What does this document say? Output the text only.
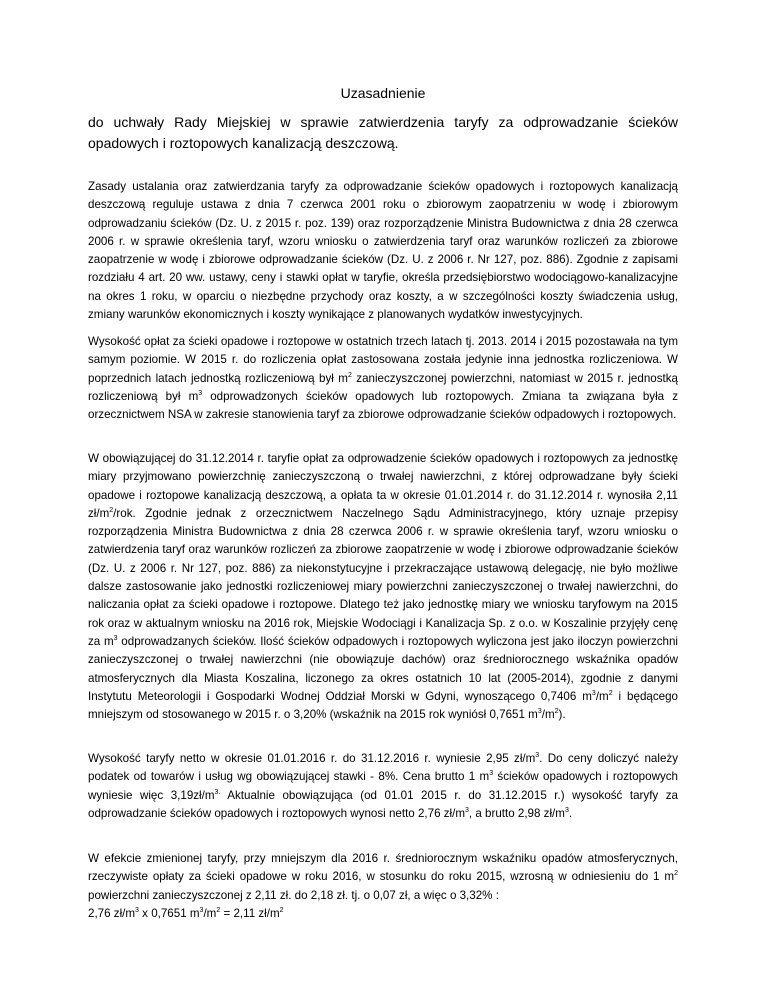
Uzasadnienie
do uchwały Rady Miejskiej w sprawie zatwierdzenia taryfy za odprowadzanie ścieków opadowych i roztopowych kanalizacją deszczową.
Zasady ustalania oraz zatwierdzania taryfy za odprowadzanie ścieków opadowych i roztopowych kanalizacją deszczową reguluje ustawa z dnia 7 czerwca 2001 roku o zbiorowym zaopatrzeniu w wodę i zbiorowym odprowadzaniu ścieków (Dz. U. z 2015 r. poz. 139) oraz rozporządzenie Ministra Budownictwa z dnia 28 czerwca 2006 r. w sprawie określenia taryf, wzoru wniosku o zatwierdzenia taryf oraz warunków rozliczeń za zbiorowe zaopatrzenie w wodę i zbiorowe odprowadzanie ścieków (Dz. U. z 2006 r. Nr 127, poz. 886). Zgodnie z zapisami rozdziału 4 art. 20 ww. ustawy, ceny i stawki opłat w taryfie, określa przedsiębiorstwo wodociągowo-kanalizacyjne na okres 1 roku, w oparciu o niezbędne przychody oraz koszty, a w szczególności koszty świadczenia usług, zmiany warunków ekonomicznych i koszty wynikające z planowanych wydatków inwestycyjnych.
Wysokość opłat za ścieki opadowe i roztopowe w ostatnich trzech latach tj. 2013. 2014 i 2015 pozostawała na tym samym poziomie. W 2015 r. do rozliczenia opłat zastosowana została jedynie inna jednostka rozliczeniowa. W poprzednich latach jednostką rozliczeniową był $m^2$ zanieczyszczonej powierzchni, natomiast w 2015 r. jednostką rozliczeniową był $m^3$ odprowadzonych ścieków opadowych lub roztopowych. Zmiana ta związana była z orzecznictwem NSA w zakresie stanowienia taryf za zbiorowe odprowadzanie ścieków odpadowych i roztopowych.
W obowiązującej do 31.12.2014 r. taryfie opłat za odprowadzenie ścieków opadowych i roztopowych za jednostkę miary przyjmowano powierzchnię zanieczyszczoną o trwałej nawierzchni, z której odprowadzane były ścieki opadowe i roztopowe kanalizacją deszczową, a opłata ta w okresie 01.01.2014 r. do 31.12.2014 r. wynosiła 2,11 $zł/m^2$/rok. Zgodnie jednak z orzecznictwem Naczelnego Sądu Administracyjnego, który uznaje przepisy rozporządzenia Ministra Budownictwa z dnia 28 czerwca 2006 r. w sprawie określenia taryf, wzoru wniosku o zatwierdzenia taryf oraz warunków rozliczeń za zbiorowe zaopatrzenie w wodę i zbiorowe odprowadzanie ścieków (Dz. U. z 2006 r. Nr 127, poz. 886) za niekonstytucyjne i przekraczające ustawową delegację, nie było możliwe dalsze zastosowanie jako jednostki rozliczeniowej miary powierzchni zanieczyszczonej o trwałej nawierzchni, do naliczania opłat za ścieki opadowe i roztopowe. Dlatego też jako jednostkę miary we wniosku taryfowym na 2015 rok oraz w aktualnym wniosku na 2016 rok, Miejskie Wodociągi i Kanalizacja Sp. z o.o. w Koszalinie przyjęły cenę za $m^3$ odprowadzanych ścieków. Ilość ścieków odpadowych i roztopowych wyliczona jest jako iloczyn powierzchni zanieczyszczonej o trwałej nawierzchni (nie obowiązuje dachów) oraz średniorocznego wskaźnika opadów atmosferycznych dla Miasta Koszalina, liczonego za okres ostatnich 10 lat (2005-2014), zgodnie z danymi Instytutu Meteorologii i Gospodarki Wodnej Oddział Morski w Gdyni, wynoszącego 0,7406 $m^3/m^2$ i będącego mniejszym od stosowanego w 2015 r. o 3,20% (wskaźnik na 2015 rok wyniósł 0,7651 $m^3/m^2$).
Wysokość taryfy netto w okresie 01.01.2016 r. do 31.12.2016 r. wyniesie 2,95 $zł/m^3$. Do ceny doliczyć należy podatek od towarów i usług wg obowiązującej stawki - 8%. Cena brutto 1 $m^3$ ścieków opadowych i roztopowych wyniesie więc $3,19zł/m^{3.}$ Aktualnie obowiązująca (od 01.01 2015 r. do 31.12.2015 r.) wysokość taryfy za odprowadzanie ścieków opadowych i roztopowych wynosi netto 2,76 $zł/m^3$, a brutto 2,98 $zł/m^3$.
W efekcie zmienionej taryfy, przy mniejszym dla 2016 r. średniorocznym wskaźniku opadów atmosferycznych, rzeczywiste opłaty za ścieki opadowe w roku 2016, w stosunku do roku 2015, wzrosną w odniesieniu do 1 $m^2$ powierzchni zanieczyszczonej z 2,11 zł. do 2,18 zł. tj. o 0,07 zł, a więc o 3,32% :
2,76 $zł/m^3$ x 0,7651 $m^3/m^2 = 2,11$ $zł/m^2$
